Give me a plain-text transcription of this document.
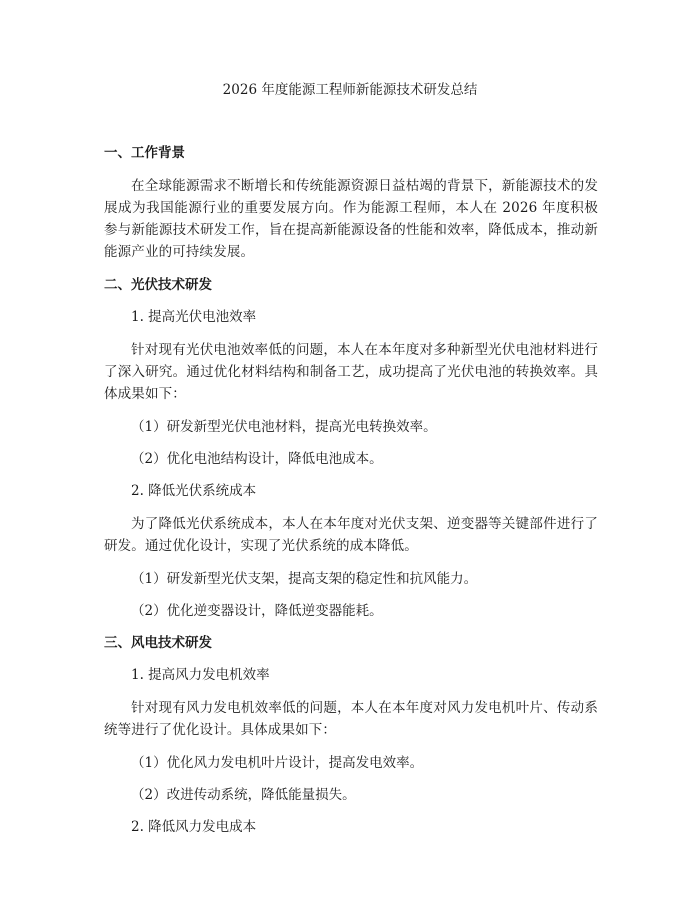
2026 年度能源工程师新能源技术研发总结
一、工作背景

在全球能源需求不断增长和传统能源资源日益枯竭的背景下，新能源技术的发展成为我国能源行业的重要发展方向。作为能源工程师，本人在 2026 年度积极参与新能源技术研发工作，旨在提高新能源设备的性能和效率，降低成本，推动新能源产业的可持续发展。

二、光伏技术研发
1. 提高光伏电池效率

针对现有光伏电池效率低的问题，本人在本年度对多种新型光伏电池材料进行了深入研究。通过优化材料结构和制备工艺，成功提高了光伏电池的转换效率。具体成果如下：

（1）研发新型光伏电池材料，提高光电转换效率。
（2）优化电池结构设计，降低电池成本。
2. 降低光伏系统成本

为了降低光伏系统成本，本人在本年度对光伏支架、逆变器等关键部件进行了研发。通过优化设计，实现了光伏系统的成本降低。

（1）研发新型光伏支架，提高支架的稳定性和抗风能力。
（2）优化逆变器设计，降低逆变器能耗。
三、风电技术研发
1. 提高风力发电机效率

针对现有风力发电机效率低的问题，本人在本年度对风力发电机叶片、传动系统等进行了优化设计。具体成果如下：

（1）优化风力发电机叶片设计，提高发电效率。
（2）改进传动系统，降低能量损失。
2. 降低风力发电成本
